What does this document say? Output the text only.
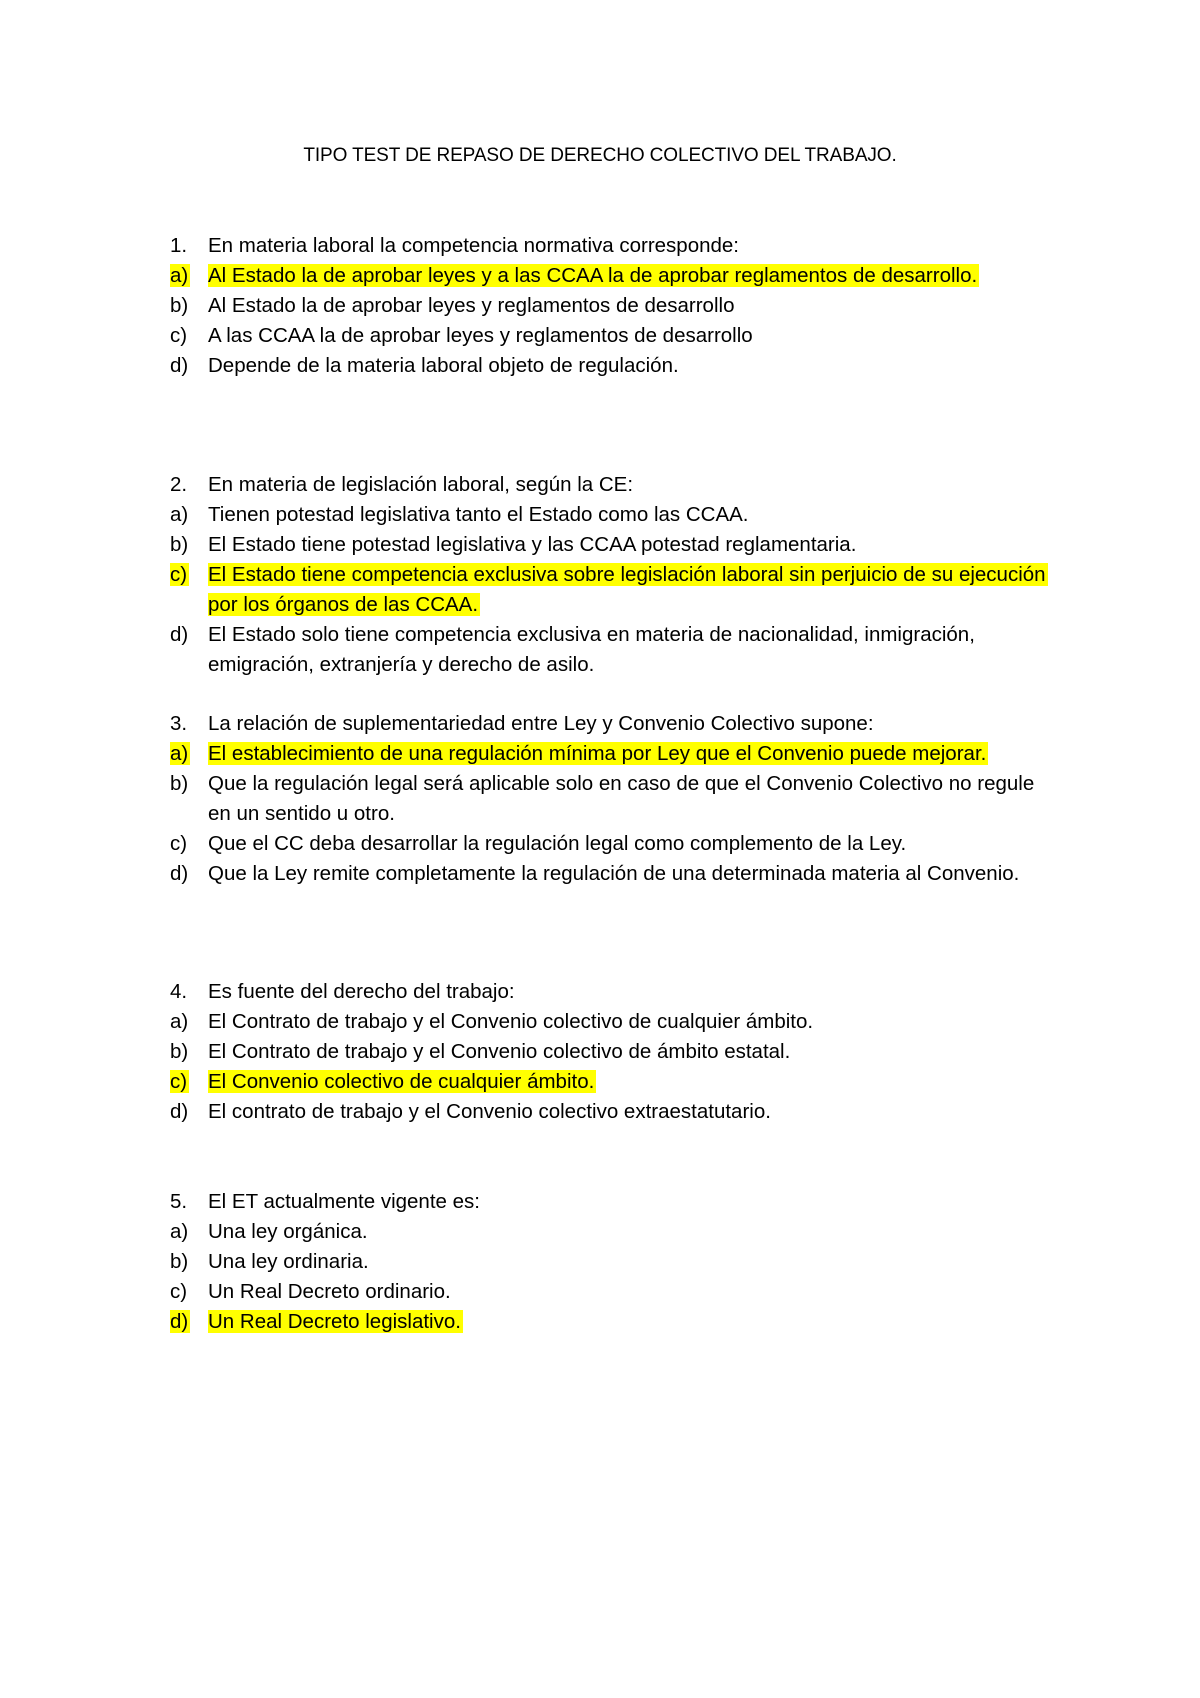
TIPO TEST DE REPASO DE DERECHO COLECTIVO DEL TRABAJO.
1.	En materia laboral la competencia normativa corresponde:
a) Al Estado la de aprobar leyes y a las CCAA la de aprobar reglamentos de desarrollo.
b) Al Estado la de aprobar leyes y reglamentos de desarrollo
c)	A las CCAA la de aprobar leyes y reglamentos de desarrollo
d) Depende de la materia laboral objeto de regulación.
2.	En materia de legislación laboral, según la CE:
a) Tienen potestad legislativa tanto el Estado como las CCAA.
b) El Estado tiene potestad legislativa y las CCAA potestad reglamentaria.
c)	El Estado tiene competencia exclusiva sobre legislación laboral sin perjuicio de su ejecución por los órganos de las CCAA.
d) El Estado solo tiene competencia exclusiva en materia de nacionalidad, inmigración, emigración, extranjería y derecho de asilo.
3.	La relación de suplementariedad entre Ley y Convenio Colectivo supone:
a) El establecimiento de una regulación mínima por Ley que el Convenio puede mejorar.
b) Que la regulación legal será aplicable solo en caso de que el Convenio Colectivo no regule en un sentido u otro.
c)	Que el CC deba desarrollar la regulación legal como complemento de la Ley.
d) Que la Ley remite completamente la regulación de una determinada materia al Convenio.
4.	Es fuente del derecho del trabajo:
a) El Contrato de trabajo y el Convenio colectivo de cualquier ámbito.
b) El Contrato de trabajo y el Convenio colectivo de ámbito estatal.
c)	El Convenio colectivo de cualquier ámbito.
d) El contrato de trabajo y el Convenio colectivo extraestatutario.
5.	El ET actualmente vigente es:
a) Una ley orgánica.
b) Una ley ordinaria.
c)	Un Real Decreto ordinario.
d) Un Real Decreto legislativo.
